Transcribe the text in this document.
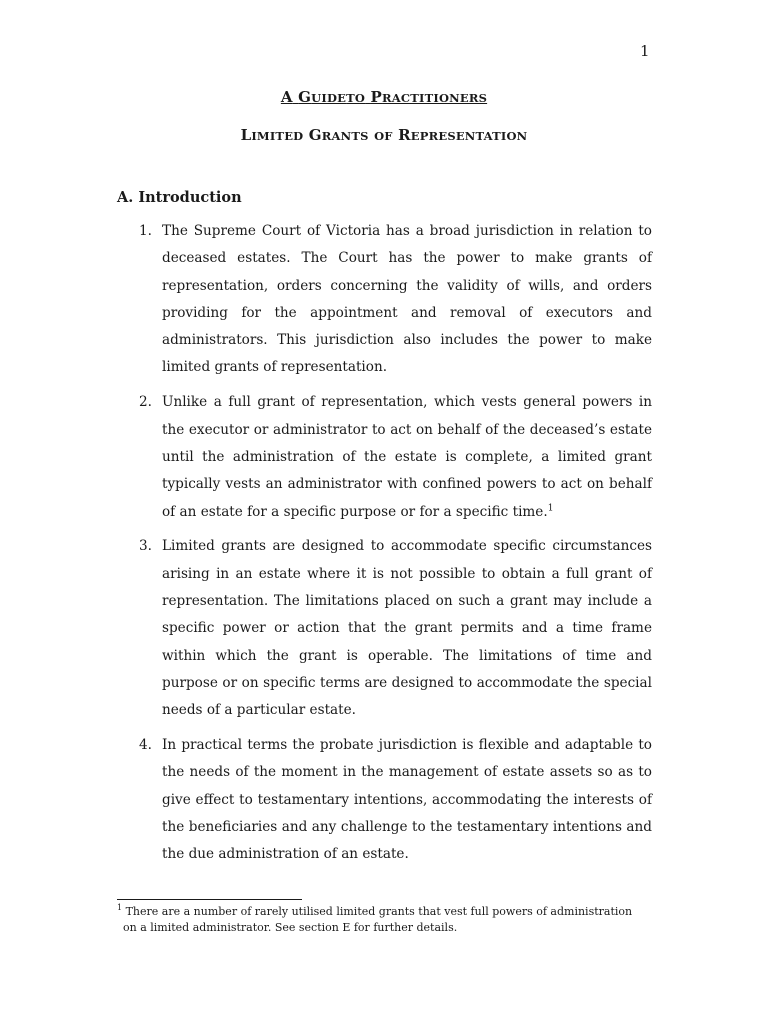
1
A GUIDETO PRACTITIONERS
LIMITED GRANTS OF REPRESENTATION
A. Introduction
1. The Supreme Court of Victoria has a broad jurisdiction in relation to deceased estates. The Court has the power to make grants of representation, orders concerning the validity of wills, and orders providing for the appointment and removal of executors and administrators. This jurisdiction also includes the power to make limited grants of representation.
2. Unlike a full grant of representation, which vests general powers in the executor or administrator to act on behalf of the deceased’s estate until the administration of the estate is complete, a limited grant typically vests an administrator with confined powers to act on behalf of an estate for a specific purpose or for a specific time.$^1$
3. Limited grants are designed to accommodate specific circumstances arising in an estate where it is not possible to obtain a full grant of representation. The limitations placed on such a grant may include a specific power or action that the grant permits and a time frame within which the grant is operable. The limitations of time and purpose or on specific terms are designed to accommodate the special needs of a particular estate.
4. In practical terms the probate jurisdiction is flexible and adaptable to the needs of the moment in the management of estate assets so as to give effect to testamentary intentions, accommodating the interests of the beneficiaries and any challenge to the testamentary intentions and the due administration of an estate.
$^1$ There are a number of rarely utilised limited grants that vest full powers of administration
on a limited administrator. See section E for further details.
